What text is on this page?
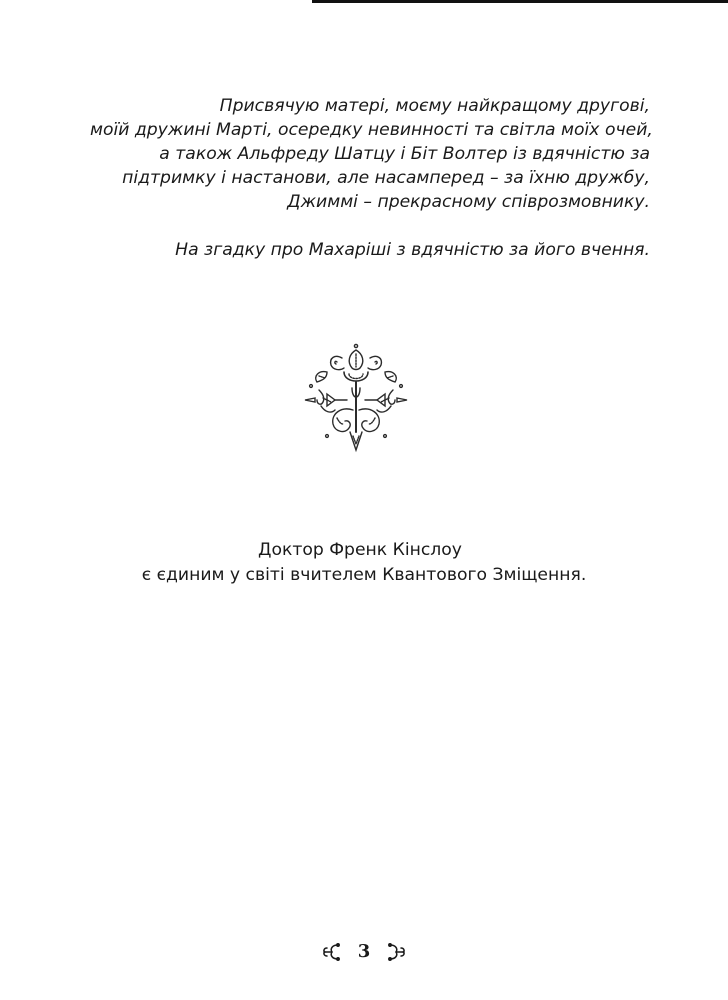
Присвячую матері, моєму найкращому другові,
моїй дружині Марті, осередку невинності та світла моїх очей,
а також Альфреду Шатцу і Біт Волтер із вдячністю за
підтримку і настанови, але насамперед – за їхню дружбу,
Джиммі – прекрасному співрозмовнику.
На згадку про Махаріші з вдячністю за його вчення.
Доктор Френк Кінслоу
є єдиним у світі вчителем Квантового Зміщення.
3
